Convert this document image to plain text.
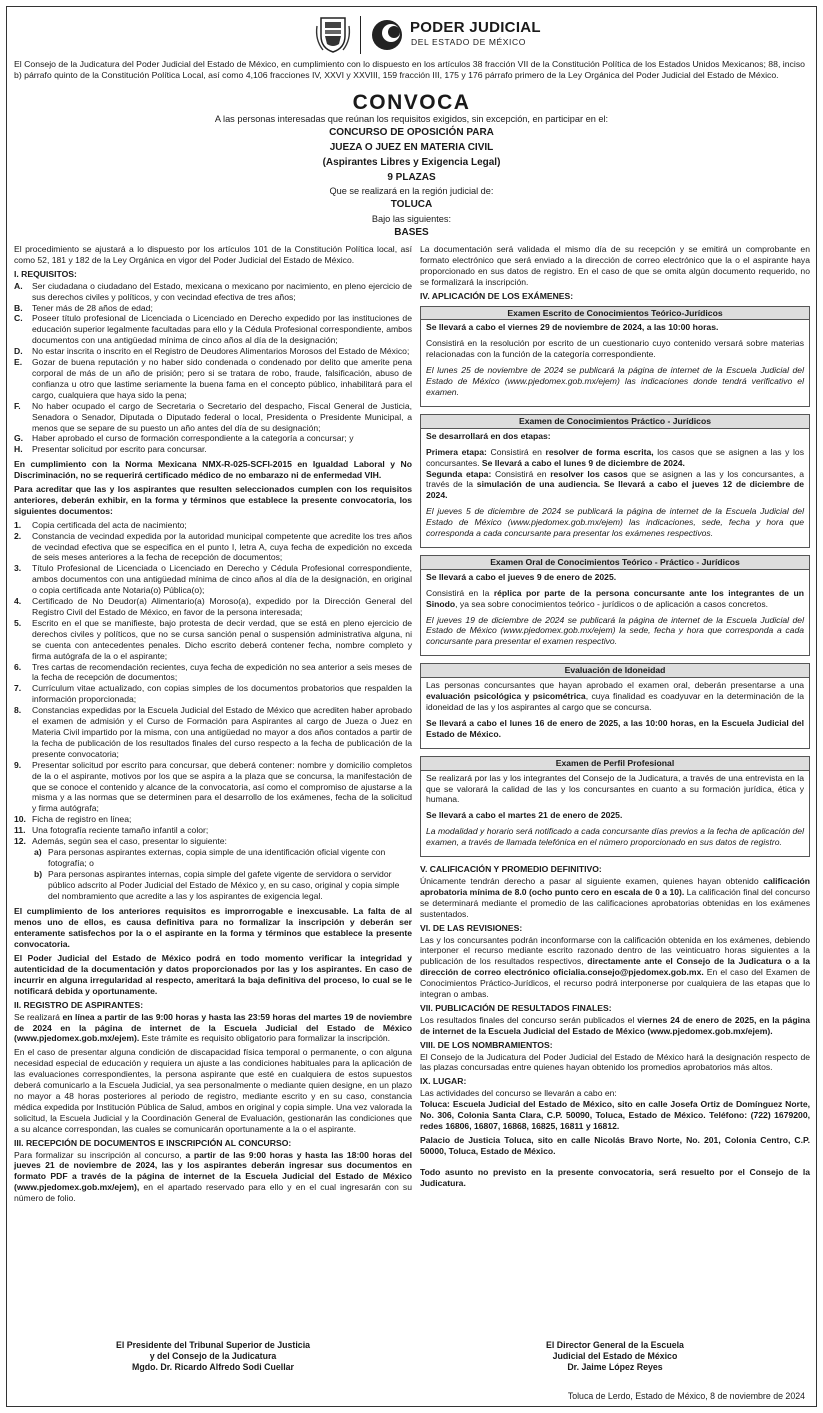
PODER JUDICIAL
DEL ESTADO DE MÉXICO
El Consejo de la Judicatura del Poder Judicial del Estado de México, en cumplimiento con lo dispuesto en los artículos 38 fracción VII de la Constitución Política de los Estados Unidos Mexicanos; 88, inciso b) párrafo quinto de la Constitución Política Local, así como 4,106 fracciones IV, XXVI y XXVIII, 159 fracción III, 175 y 176 párrafo primero de la Ley Orgánica del Poder Judicial del Estado de México.
CONVOCA
A las personas interesadas que reúnan los requisitos exigidos, sin excepción, en participar en el:
CONCURSO DE OPOSICIÓN PARA
JUEZA O JUEZ EN MATERIA CIVIL
(Aspirantes Libres y Exigencia Legal)
9 PLAZAS
Que se realizará en la región judicial de:
TOLUCA
Bajo las siguientes:
BASES

El procedimiento se ajustará a lo dispuesto por los artículos 101 de la Constitución Política local, así como 52, 181 y 182 de la Ley Orgánica en vigor del Poder Judicial del Estado de México.

I. REQUISITOS:
A.	Ser ciudadana o ciudadano del Estado, mexicana o mexicano por nacimiento, en pleno ejercicio de sus derechos civiles y políticos, y con vecindad efectiva de tres años;
B.	Tener más de 28 años de edad;
C.	Poseer título profesional de Licenciada o Licenciado en Derecho expedido por las instituciones de educación superior legalmente facultadas para ello y la Cédula Profesional correspondiente, ambos documentos con una antigüedad mínima de cinco años al día de la designación;
D.	No estar inscrita o inscrito en el Registro de Deudores Alimentarios Morosos del Estado de México;
E.	Gozar de buena reputación y no haber sido condenada o condenado por delito que amerite pena corporal de más de un año de prisión; pero si se tratara de robo, fraude, falsificación, abuso de confianza u otro que lastime seriamente la buena fama en el concepto público, inhabilitará para el cargo, cualquiera que haya sido la pena;
F.	No haber ocupado el cargo de Secretaria o Secretario del despacho, Fiscal General de Justicia, Senadora o Senador, Diputada o Diputado federal o local, Presidenta o Presidente Municipal, a menos que se separe de su puesto un año antes del día de su designación;
G.	Haber aprobado el curso de formación correspondiente a la categoría a concursar; y
H.	Presentar solicitud por escrito para concursar.

En cumplimiento con la Norma Mexicana NMX-R-025-SCFI-2015 en Igualdad Laboral y No Discriminación, no se requerirá certificado médico de no embarazo ni de enfermedad VIH.

Para acreditar que las y los aspirantes que resulten seleccionados cumplen con los requisitos anteriores, deberán exhibir, en la forma y términos que establece la presente convocatoria, los siguientes documentos:

1.	Copia certificada del acta de nacimiento;
2.	Constancia de vecindad expedida por la autoridad municipal competente que acredite los tres años de vecindad efectiva que se especifica en el punto I, letra A, cuya fecha de expedición no exceda de seis meses anteriores a la fecha de recepción de documentos;
3.	Título Profesional de Licenciada o Licenciado en Derecho y Cédula Profesional correspondiente, ambos documentos con una antigüedad mínima de cinco años al día de la designación, en original o copia certificada ante Notaria(o) Pública(o);
4.	Certificado de No Deudor(a) Alimentario(a) Moroso(a), expedido por la Dirección General del Registro Civil del Estado de México, en favor de la persona interesada;
5.	Escrito en el que se manifieste, bajo protesta de decir verdad, que se está en pleno ejercicio de derechos civiles y políticos, que no se cursa sanción penal o suspensión administrativa alguna, ni se cuenta con antecedentes penales. Dicho escrito deberá contener fecha, nombre completo y firma autógrafa de la o el aspirante;
6.	Tres cartas de recomendación recientes, cuya fecha de expedición no sea anterior a seis meses de la fecha de recepción de documentos;
7.	Currículum vitae actualizado, con copias simples de los documentos probatorios que respalden la información proporcionada;
8.	Constancias expedidas por la Escuela Judicial del Estado de México que acrediten haber aprobado el examen de admisión y el Curso de Formación para Aspirantes al cargo de Jueza o Juez en Materia Civil impartido por la misma, con una antigüedad no mayor a dos años contados a partir de la fecha de publicación de los resultados finales del curso respecto a la fecha de publicación de la presente convocatoria;
9.	Presentar solicitud por escrito para concursar, que deberá contener: nombre y domicilio completos de la o el aspirante, motivos por los que se aspira a la plaza que se concursa, la manifestación de que se conoce el contenido y alcance de la convocatoria, así como el compromiso de ajustarse a la misma y a las normas que se determinen para el desarrollo de los exámenes, fecha de la solicitud y firma autógrafa;
10. Ficha de registro en línea;
11. Una fotografía reciente tamaño infantil a color;
12. Además, según sea el caso, presentar lo siguiente:
a) Para personas aspirantes externas, copia simple de una identificación oficial vigente con fotografía; o
b) Para personas aspirantes internas, copia simple del gafete vigente de servidora o servidor público adscrito al Poder Judicial del Estado de México y, en su caso, original y copia simple del nombramiento que acredite a las y los aspirantes de exigencia legal.

El cumplimiento de los anteriores requisitos es improrrogable e inexcusable. La falta de al menos uno de ellos, es causa definitiva para no formalizar la inscripción y deberán ser enteramente satisfechos por la o el aspirante en la forma y términos que establece la presente convocatoria.

El Poder Judicial del Estado de México podrá en todo momento verificar la integridad y autenticidad de la documentación y datos proporcionados por las y los aspirantes. En caso de incurrir en alguna irregularidad al respecto, ameritará la baja definitiva del proceso, lo cual se le notificará debida y oportunamente.

II. REGISTRO DE ASPIRANTES:

Se realizará en línea a partir de las 9:00 horas y hasta las 23:59 horas del martes 19 de noviembre de 2024 en la página de internet de la Escuela Judicial del Estado de México (www.pjedomex.gob.mx/ejem). Este trámite es requisito obligatorio para formalizar la inscripción.

En el caso de presentar alguna condición de discapacidad física temporal o permanente, o con alguna necesidad especial de educación y requiera un ajuste a las condiciones habituales para la aplicación de las evaluaciones correspondientes, la persona aspirante que esté en cualquiera de estos supuestos deberá comunicarlo a la Escuela Judicial, ya sea personalmente o mediante quien designe, en un plazo no mayor a 48 horas posteriores al periodo de registro, mediante escrito y en su caso, constancia médica expedida por Institución Pública de Salud, ambos en original y copia simple. Una vez valorada la solicitud, la Escuela Judicial y la Coordinación General de Evaluación, gestionarán las condiciones que a su alcance correspondan, las cuales se comunicarán oportunamente a la o el aspirante.

III. RECEPCIÓN DE DOCUMENTOS E INSCRIPCIÓN AL CONCURSO:

Para formalizar su inscripción al concurso, a partir de las 9:00 horas y hasta las 18:00 horas del jueves 21 de noviembre de 2024, las y los aspirantes deberán ingresar sus documentos en formato PDF a través de la página de internet de la Escuela Judicial del Estado de México (www.pjedomex.gob.mx/ejem), en el apartado reservado para ello y en el cual ingresarán con su número de folio.

La documentación será validada el mismo día de su recepción y se emitirá un comprobante en formato electrónico que será enviado a la dirección de correo electrónico que la o el aspirante haya proporcionado en sus datos de registro. En el caso de que se omita algún documento requerido, no se formalizará la inscripción.

IV. APLICACIÓN DE LOS EXÁMENES:
Examen Escrito de Conocimientos Teórico-Jurídicos

Se llevará a cabo el viernes 29 de noviembre de 2024, a las 10:00 horas.

Consistirá en la resolución por escrito de un cuestionario cuyo contenido versará sobre materias relacionadas con la función de la categoría correspondiente.

El lunes 25 de noviembre de 2024 se publicará la página de internet de la Escuela Judicial del Estado de México (www.pjedomex.gob.mx/ejem) las indicaciones donde tendrá verificativo el examen.

Examen de Conocimientos Práctico - Jurídicos

Se desarrollará en dos etapas:

Primera etapa: Consistirá en resolver de forma escrita, los casos que se asignen a las y los concursantes. Se llevará a cabo el lunes 9 de diciembre de 2024.

Segunda etapa: Consistirá en resolver los casos que se asignen a las y los concursantes, a través de la simulación de una audiencia. Se llevará a cabo el jueves 12 de diciembre de 2024.

El jueves 5 de diciembre de 2024 se publicará la página de internet de la Escuela Judicial del Estado de México (www.pjedomex.gob.mx/ejem) las indicaciones, sede, fecha y hora que corresponda a cada concursante para presentar los exámenes respectivos.

Examen Oral de Conocimientos Teórico - Práctico - Jurídicos

Se llevará a cabo el jueves 9 de enero de 2025.

Consistirá en la réplica por parte de la persona concursante ante los integrantes de un Sinodo, ya sea sobre conocimientos teórico - jurídicos o de aplicación a casos concretos.

El jueves 19 de diciembre de 2024 se publicará la página de internet de la Escuela Judicial del Estado de México (www.pjedomex.gob.mx/ejem) la sede, fecha y hora que corresponda a cada concursante para presentar el examen respectivo.

Evaluación de Idoneidad

Las personas concursantes que hayan aprobado el examen oral, deberán presentarse a una evaluación psicológica y psicométrica, cuya finalidad es coadyuvar en la determinación de la idoneidad de las y los aspirantes al cargo que se concursa.

Se llevará a cabo el lunes 16 de enero de 2025, a las 10:00 horas, en la Escuela Judicial del Estado de México.

Examen de Perfil Profesional

Se realizará por las y los integrantes del Consejo de la Judicatura, a través de una entrevista en la que se valorará la calidad de las y los concursantes en cuanto a su formación jurídica, ética y humana.

Se llevará a cabo el martes 21 de enero de 2025.

La modalidad y horario será notificado a cada concursante días previos a la fecha de aplicación del examen, a través de llamada telefónica en el número proporcionado en sus datos de registro.

V. CALIFICACIÓN Y PROMEDIO DEFINITIVO:

Únicamente tendrán derecho a pasar al siguiente examen, quienes hayan obtenido calificación aprobatoria mínima de 8.0 (ocho punto cero en escala de 0 a 10). La calificación final del concurso se determinará mediante el promedio de las calificaciones aprobatorias obtenidas en los exámenes sustentados.

VI. DE LAS REVISIONES:

Las y los concursantes podrán inconformarse con la calificación obtenida en los exámenes, debiendo interponer el recurso mediante escrito razonado dentro de las veinticuatro horas siguientes a la publicación de los resultados respectivos, directamente ante el Consejo de la Judicatura o a la dirección de correo electrónico oficialia.consejo@pjedomex.gob.mx. En el caso del Examen de Conocimientos Práctico-Jurídicos, el recurso podrá interponerse por cualquiera de las etapas que lo integran o ambas.

VII. PUBLICACIÓN DE RESULTADOS FINALES:

Los resultados finales del concurso serán publicados el viernes 24 de enero de 2025, en la página de internet de la Escuela Judicial del Estado de México (www.pjedomex.gob.mx/ejem).

VIII. DE LOS NOMBRAMIENTOS:

El Consejo de la Judicatura del Poder Judicial del Estado de México hará la designación respecto de las plazas concursadas entre quienes hayan obtenido los promedios aprobatorios más altos.

IX. LUGAR:

Las actividades del concurso se llevarán a cabo en:

Toluca: Escuela Judicial del Estado de México, sito en calle Josefa Ortiz de Domínguez Norte, No. 306, Colonia Santa Clara, C.P. 50090, Toluca, Estado de México. Teléfono: (722) 1679200, redes 16806, 16807, 16868, 16825, 16811 y 16812.

Palacio de Justicia Toluca, sito en calle Nicolás Bravo Norte, No. 201, Colonia Centro, C.P. 50000, Toluca, Estado de México.

Todo asunto no previsto en la presente convocatoria, será resuelto por el Consejo de la Judicatura.

El Presidente del Tribunal Superior de Justicia
y del Consejo de la Judicatura
Mgdo. Dr. Ricardo Alfredo Sodi Cuellar
El Director General de la Escuela
Judicial del Estado de México
Dr. Jaime López Reyes
Toluca de Lerdo, Estado de México, 8 de noviembre de 2024
